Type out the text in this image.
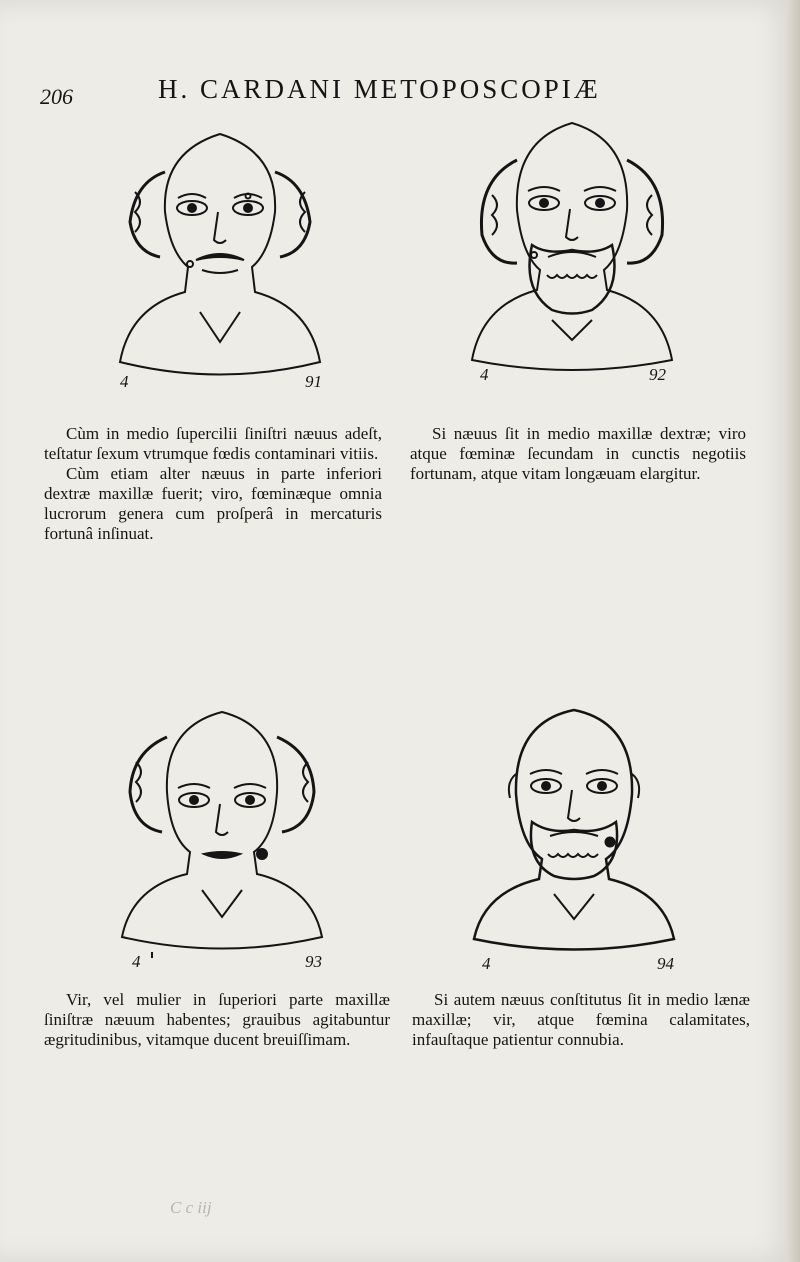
206	H. CARDANI METOPOSCOPIÆ
4	91	4	92

Cùm in medio ſupercilii ſiniſtri næuus adeſt, teſtatur ſexum vtrumque fœdis contaminari vitiis.

Cùm etiam alter næuus in parte inferiori dextræ maxillæ fuerit; viro, fœminæque omnia lucrorum genera cum proſperâ in mercaturis fortunâ inſinuat.

Si næuus ſit in medio maxillæ dextræ; viro atque fœminæ ſecundam in cunctis negotiis fortunam, atque vitam longæuam elargitur.

4	93	4	94

Vir, vel mulier in ſuperiori parte maxillæ ſiniſtræ næuum habentes; grauibus agitabuntur ægritudinibus, vitamque ducent breuiſſimam.

Si autem næuus conſtitutus ſit in medio lænæ maxillæ; vir, atque fœmina calamitates, infauſtaque patientur connubia.

C c iij
